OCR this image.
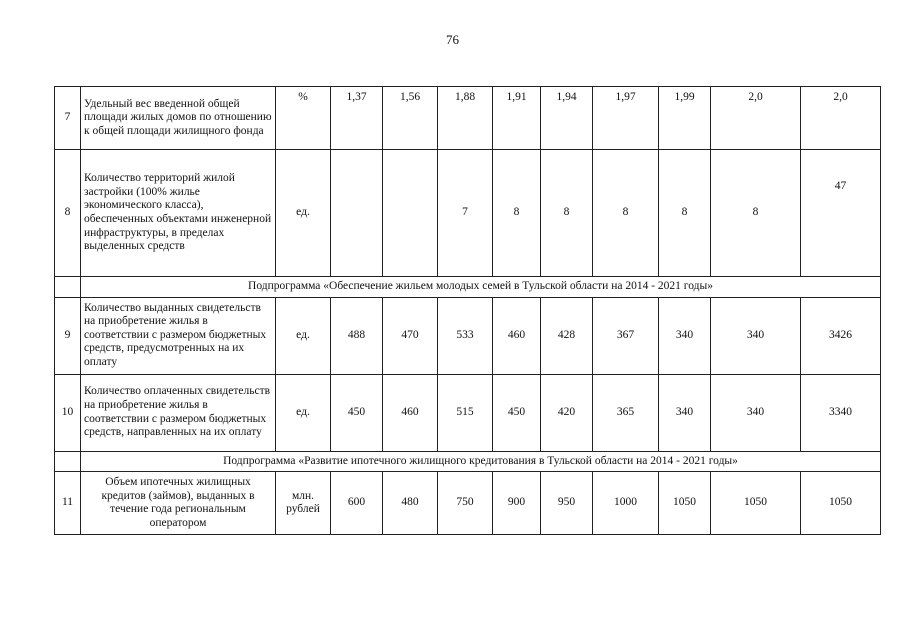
76
7	Удельный вес введенной общей площади жилых домов по отношению к общей площади жилищного фонда	%	1,37	1,56	1,88	1,91	1,94	1,97	1,99	2,0	2,0
8	Количество территорий жилой застройки (100% жилье экономического класса), обеспеченных объектами инженерной инфраструктуры, в пределах выделенных средств	ед.			7	8	8	8	8	8	47
	Подпрограмма «Обеспечение жильем молодых семей в Тульской области на 2014 - 2021 годы»										
9	Количество выданных свидетельств на приобретение жилья в соответствии с размером бюджетных средств, предусмотренных на их оплату	ед.	488	470	533	460	428	367	340	340	3426
10	Количество оплаченных свидетельств на приобретение жилья в соответствии с размером бюджетных средств, направленных на их оплату	ед.	450	460	515	450	420	365	340	340	3340
	Подпрограмма «Развитие ипотечного жилищного кредитования в Тульской области на 2014 - 2021 годы»										
11	Объем ипотечных жилищных кредитов (займов), выданных в течение года региональным оператором	млн. рублей	600	480	750	900	950	1000	1050	1050	1050
